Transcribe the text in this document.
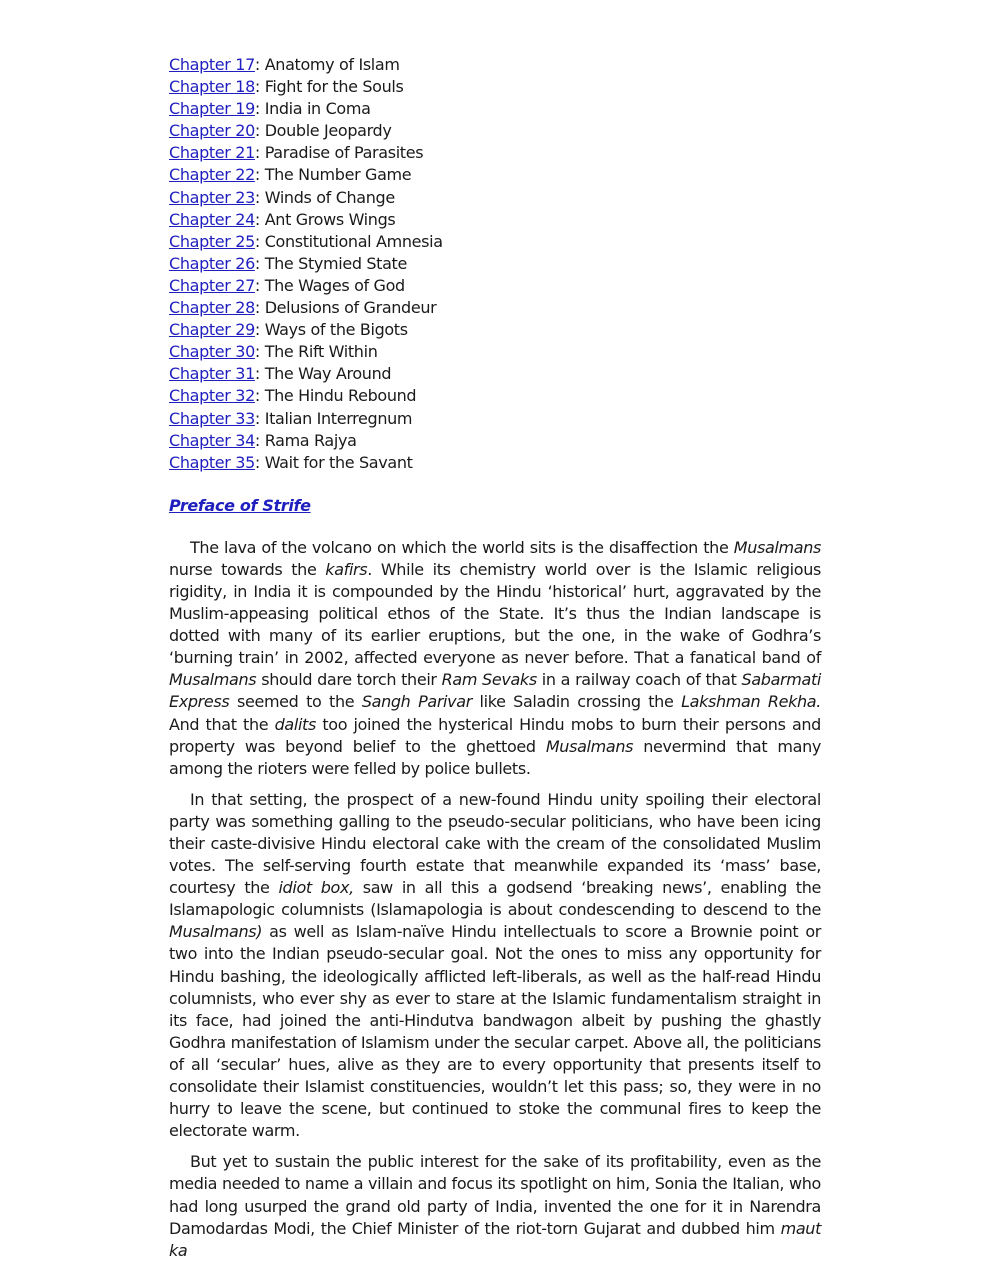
Chapter 17: Anatomy of Islam
Chapter 18: Fight for the Souls
Chapter 19: India in Coma
Chapter 20: Double Jeopardy
Chapter 21: Paradise of Parasites
Chapter 22: The Number Game
Chapter 23: Winds of Change
Chapter 24: Ant Grows Wings
Chapter 25: Constitutional Amnesia
Chapter 26: The Stymied State
Chapter 27: The Wages of God
Chapter 28: Delusions of Grandeur
Chapter 29: Ways of the Bigots
Chapter 30: The Rift Within
Chapter 31: The Way Around
Chapter 32: The Hindu Rebound
Chapter 33: Italian Interregnum
Chapter 34: Rama Rajya
Chapter 35: Wait for the Savant
Preface of Strife

The lava of the volcano on which the world sits is the disaffection the Musalmans nurse towards the kafirs. While its chemistry world over is the Islamic religious rigidity, in India it is compounded by the Hindu ‘historical’ hurt, aggravated by the Muslim-appeasing political ethos of the State. It’s thus the Indian landscape is dotted with many of its earlier eruptions, but the one, in the wake of Godhra’s ‘burning train’ in 2002, affected everyone as never before. That a fanatical band of Musalmans should dare torch their Ram Sevaks in a railway coach of that Sabarmati Express seemed to the Sangh Parivar like Saladin crossing the Lakshman Rekha. And that the dalits too joined the hysterical Hindu mobs to burn their persons and property was beyond belief to the ghettoed Musalmans nevermind that many among the rioters were felled by police bullets.

In that setting, the prospect of a new-found Hindu unity spoiling their electoral party was something galling to the pseudo-secular politicians, who have been icing their caste-divisive Hindu electoral cake with the cream of the consolidated Muslim votes. The self-serving fourth estate that meanwhile expanded its ‘mass’ base, courtesy the idiot box, saw in all this a godsend ‘breaking news’, enabling the Islamapologic columnists (Islamapologia is about condescending to descend to the Musalmans) as well as Islam-naïve Hindu intellectuals to score a Brownie point or two into the Indian pseudo-secular goal. Not the ones to miss any opportunity for Hindu bashing, the ideologically afflicted left-liberals, as well as the half-read Hindu columnists, who ever shy as ever to stare at the Islamic fundamentalism straight in its face, had joined the anti-Hindutva bandwagon albeit by pushing the ghastly Godhra manifestation of Islamism under the secular carpet. Above all, the politicians of all ‘secular’ hues, alive as they are to every opportunity that presents itself to consolidate their Islamist constituencies, wouldn’t let this pass; so, they were in no hurry to leave the scene, but continued to stoke the communal fires to keep the electorate warm.

But yet to sustain the public interest for the sake of its profitability, even as the media needed to name a villain and focus its spotlight on him, Sonia the Italian, who had long usurped the grand old party of India, invented the one for it in Narendra Damodardas Modi, the Chief Minister of the riot-torn Gujarat and dubbed him maut ka
